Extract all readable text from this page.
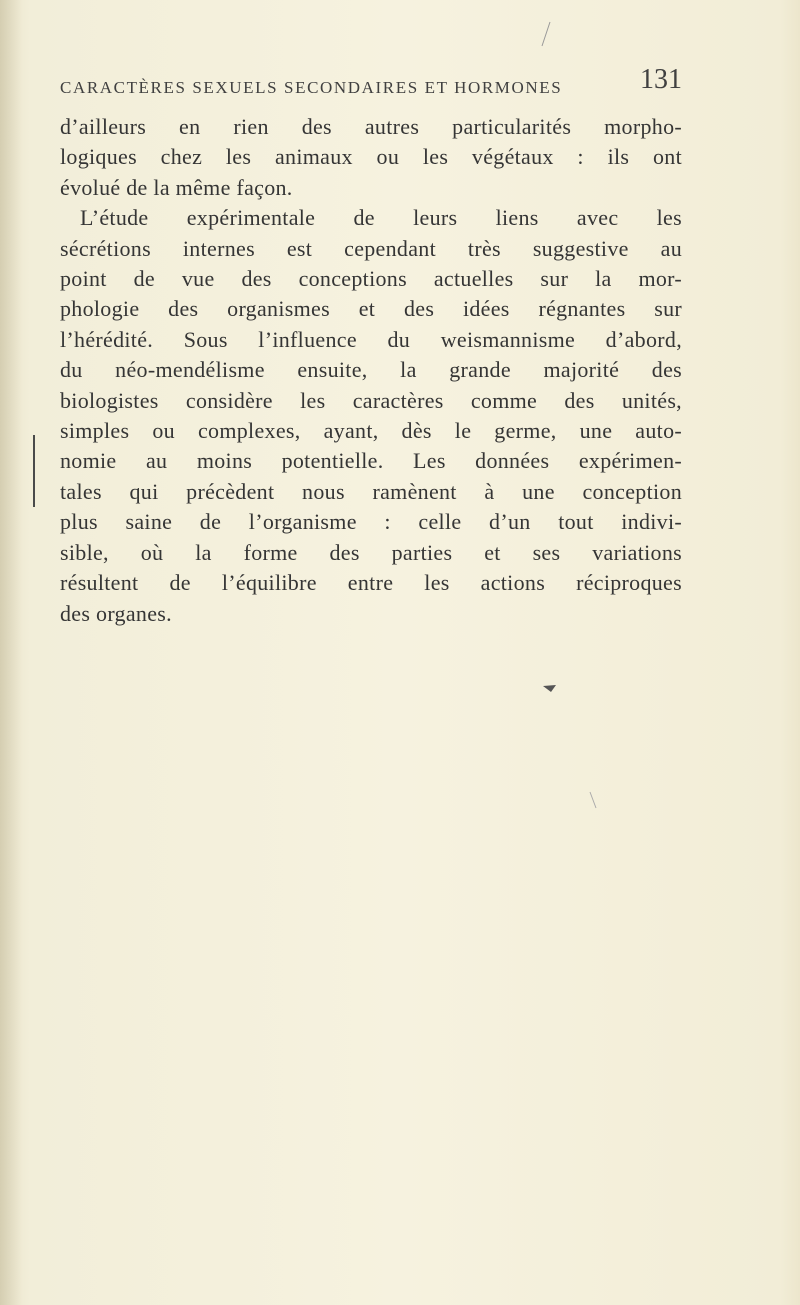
CARACTÈRES SEXUELS SECONDAIRES ET HORMONES	131
d’ailleurs en rien des autres particularités morpho-
logiques chez les animaux ou les végétaux : ils ont
évolué de la même façon.
L’étude expérimentale de leurs liens avec les
sécrétions internes est cependant très suggestive au
point de vue des conceptions actuelles sur la mor-
phologie des organismes et des idées régnantes sur
l’hérédité. Sous l’influence du weismannisme d’abord,
du néo-mendélisme ensuite, la grande majorité des
biologistes considère les caractères comme des unités,
simples ou complexes, ayant, dès le germe, une auto-
nomie au moins potentielle. Les données expérimen-
tales qui précèdent nous ramènent à une conception
plus saine de l’organisme : celle d’un tout indivi-
sible, où la forme des parties et ses variations
résultent de l’équilibre entre les actions réciproques
des organes.
